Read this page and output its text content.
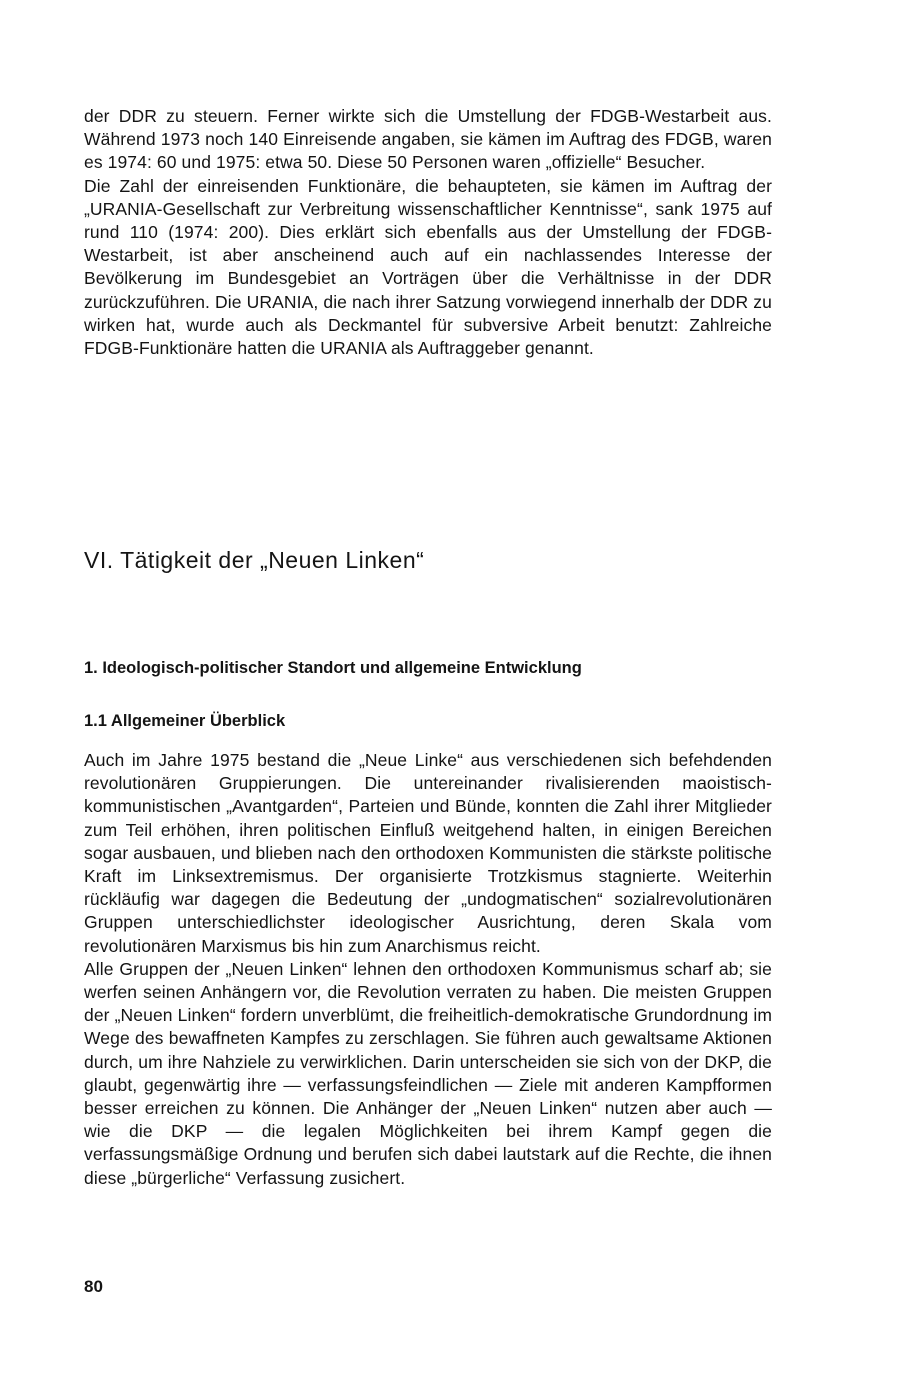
der DDR zu steuern. Ferner wirkte sich die Umstellung der FDGB-Westarbeit aus. Während 1973 noch 140 Einreisende angaben, sie kämen im Auftrag des FDGB, waren es 1974: 60 und 1975: etwa 50. Diese 50 Personen waren „offizielle“ Besucher.

Die Zahl der einreisenden Funktionäre, die behaupteten, sie kämen im Auftrag der „URANIA-Gesellschaft zur Verbreitung wissenschaftlicher Kenntnisse“, sank 1975 auf rund 110 (1974: 200). Dies erklärt sich ebenfalls aus der Umstellung der FDGB-Westarbeit, ist aber anscheinend auch auf ein nachlassendes Interesse der Bevölkerung im Bundesgebiet an Vorträgen über die Verhältnisse in der DDR zurückzuführen. Die URANIA, die nach ihrer Satzung vorwiegend innerhalb der DDR zu wirken hat, wurde auch als Deckmantel für subversive Arbeit benutzt: Zahlreiche FDGB-Funktionäre hatten die URANIA als Auftraggeber genannt.

VI. Tätigkeit der „Neuen Linken“
1. Ideologisch-politischer Standort und allgemeine Entwicklung
1.1 Allgemeiner Überblick

Auch im Jahre 1975 bestand die „Neue Linke“ aus verschiedenen sich befehdenden revolutionären Gruppierungen. Die untereinander rivalisierenden maoistisch-kommunistischen „Avantgarden“, Parteien und Bünde, konnten die Zahl ihrer Mitglieder zum Teil erhöhen, ihren politischen Einfluß weitgehend halten, in einigen Bereichen sogar ausbauen, und blieben nach den orthodoxen Kommunisten die stärkste politische Kraft im Linksextremismus. Der organisierte Trotzkismus stagnierte. Weiterhin rückläufig war dagegen die Bedeutung der „undogmatischen“ sozialrevolutionären Gruppen unterschiedlichster ideologischer Ausrichtung, deren Skala vom revolutionären Marxismus bis hin zum Anarchismus reicht.

Alle Gruppen der „Neuen Linken“ lehnen den orthodoxen Kommunismus scharf ab; sie werfen seinen Anhängern vor, die Revolution verraten zu haben. Die meisten Gruppen der „Neuen Linken“ fordern unverblümt, die freiheitlich-demokratische Grundordnung im Wege des bewaffneten Kampfes zu zerschlagen. Sie führen auch gewaltsame Aktionen durch, um ihre Nahziele zu verwirklichen. Darin unterscheiden sie sich von der DKP, die glaubt, gegenwärtig ihre — verfassungsfeindlichen — Ziele mit anderen Kampfformen besser erreichen zu können. Die Anhänger der „Neuen Linken“ nutzen aber auch — wie die DKP — die legalen Möglichkeiten bei ihrem Kampf gegen die verfassungsmäßige Ordnung und berufen sich dabei lautstark auf die Rechte, die ihnen diese „bürgerliche“ Verfassung zusichert.

80
